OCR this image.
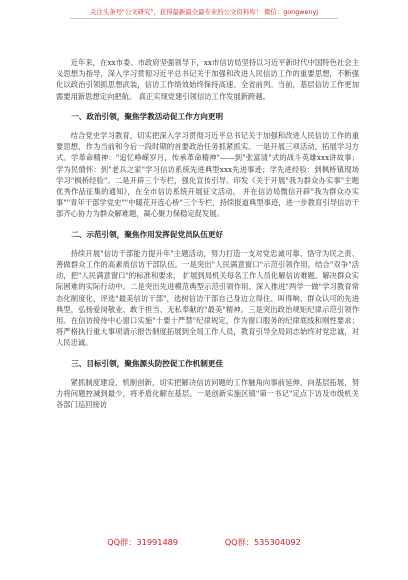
关注头条号"公文研究"，获得最新最全最专业的公文资料库！ 微信：gongwenyj

近年来，在xx市委、市政府坚强领导下，xx市信访局坚持以习近平新时代中国特色社会主义思想为指导，深入学习贯彻习近平总书记关于加强和改进人民信访工作的重要思想，不断强化以政治引领抓思想武装，信访工作绩效始终保持高速、全省前列。当前，基层信访工作更加需要用新思想定向把航。 真正实现党建引领信访工作发展新跨越。

一、政治引领，聚焦学教活动促工作方向更明

结合党史学习教育，切实把深入学习贯彻习近平总书记关于加强和改进人民信访工作的重要思想，作为当前和今后一段时期的首要政治任务抓紧抓实。一是开展三项活动，拓展学习方式。学革命精神："追忆峥嵘岁月，传承革命精神"——到"张富清"式的战斗英雄xxx讲故事；学为民情怀：到"老兵之家"学习信访系统先进典型xxx先进事迹；学先进经验：到枫桥镇现场学习"枫桥经验"。二是开辟三个专栏，强化宣传引导。印发《关于开展"我为群众办实事"主题优秀作品征集的通知》，在全市信访系统开展征文活动， 并在信访局微信开辟"我为群众办实事""青年干部学党史""中暖花开连心桥"三个专栏，持续报道典型事迹，进一步教育引导信访干部齐心协力为群众解难题，凝心聚力保稳定促发展。

二、示范引领，聚焦作用发挥促党员队伍更好

持续开展"信访干部能力提升年"主题活动，努力打造一支对党忠诚可靠、恪守为民之责、善做群众工作的高素质信访干部队伍。一是突出"人民满意窗口"示范引领作用。结合"双争"活动，把"人民满意窗口"的标准和要求， 扩展到局机关每名工作人员化解信访难题、解决群众实际困难的实际行动中。二是突出先进模范典型示范引领作用。深入推进"两学一做"学习教育常态化制度化，评选"最美信访干部"，选树信访干部自己身边立得住、叫得响、群众认可的先进典型，弘扬爱岗敬业、敢于担当、无私奉献的"最美"精神。三是突出政治规矩纪律示范引领作用。在信访接待中心窗口实施"十要十严禁"纪律规定，作为窗口服务的纪律底线和刚性要求；将严格执行重大事项请示报告制度拓展到全局工作人员，教育引导全局同志始终对党忠诚，对人民忠诚。

三、目标引领，聚焦源头防控促工作机制更佳

紧抓制度建设、机制创新，切实把解决信访问题的工作触角向事前延伸、向基层拓展，努力将问题控减到最少，将矛盾化解在基层。一是创新实施区镇"第一书记"定点下访及市级机关各部门巡回接访

QQ群：31991489	QQ群：535304092
